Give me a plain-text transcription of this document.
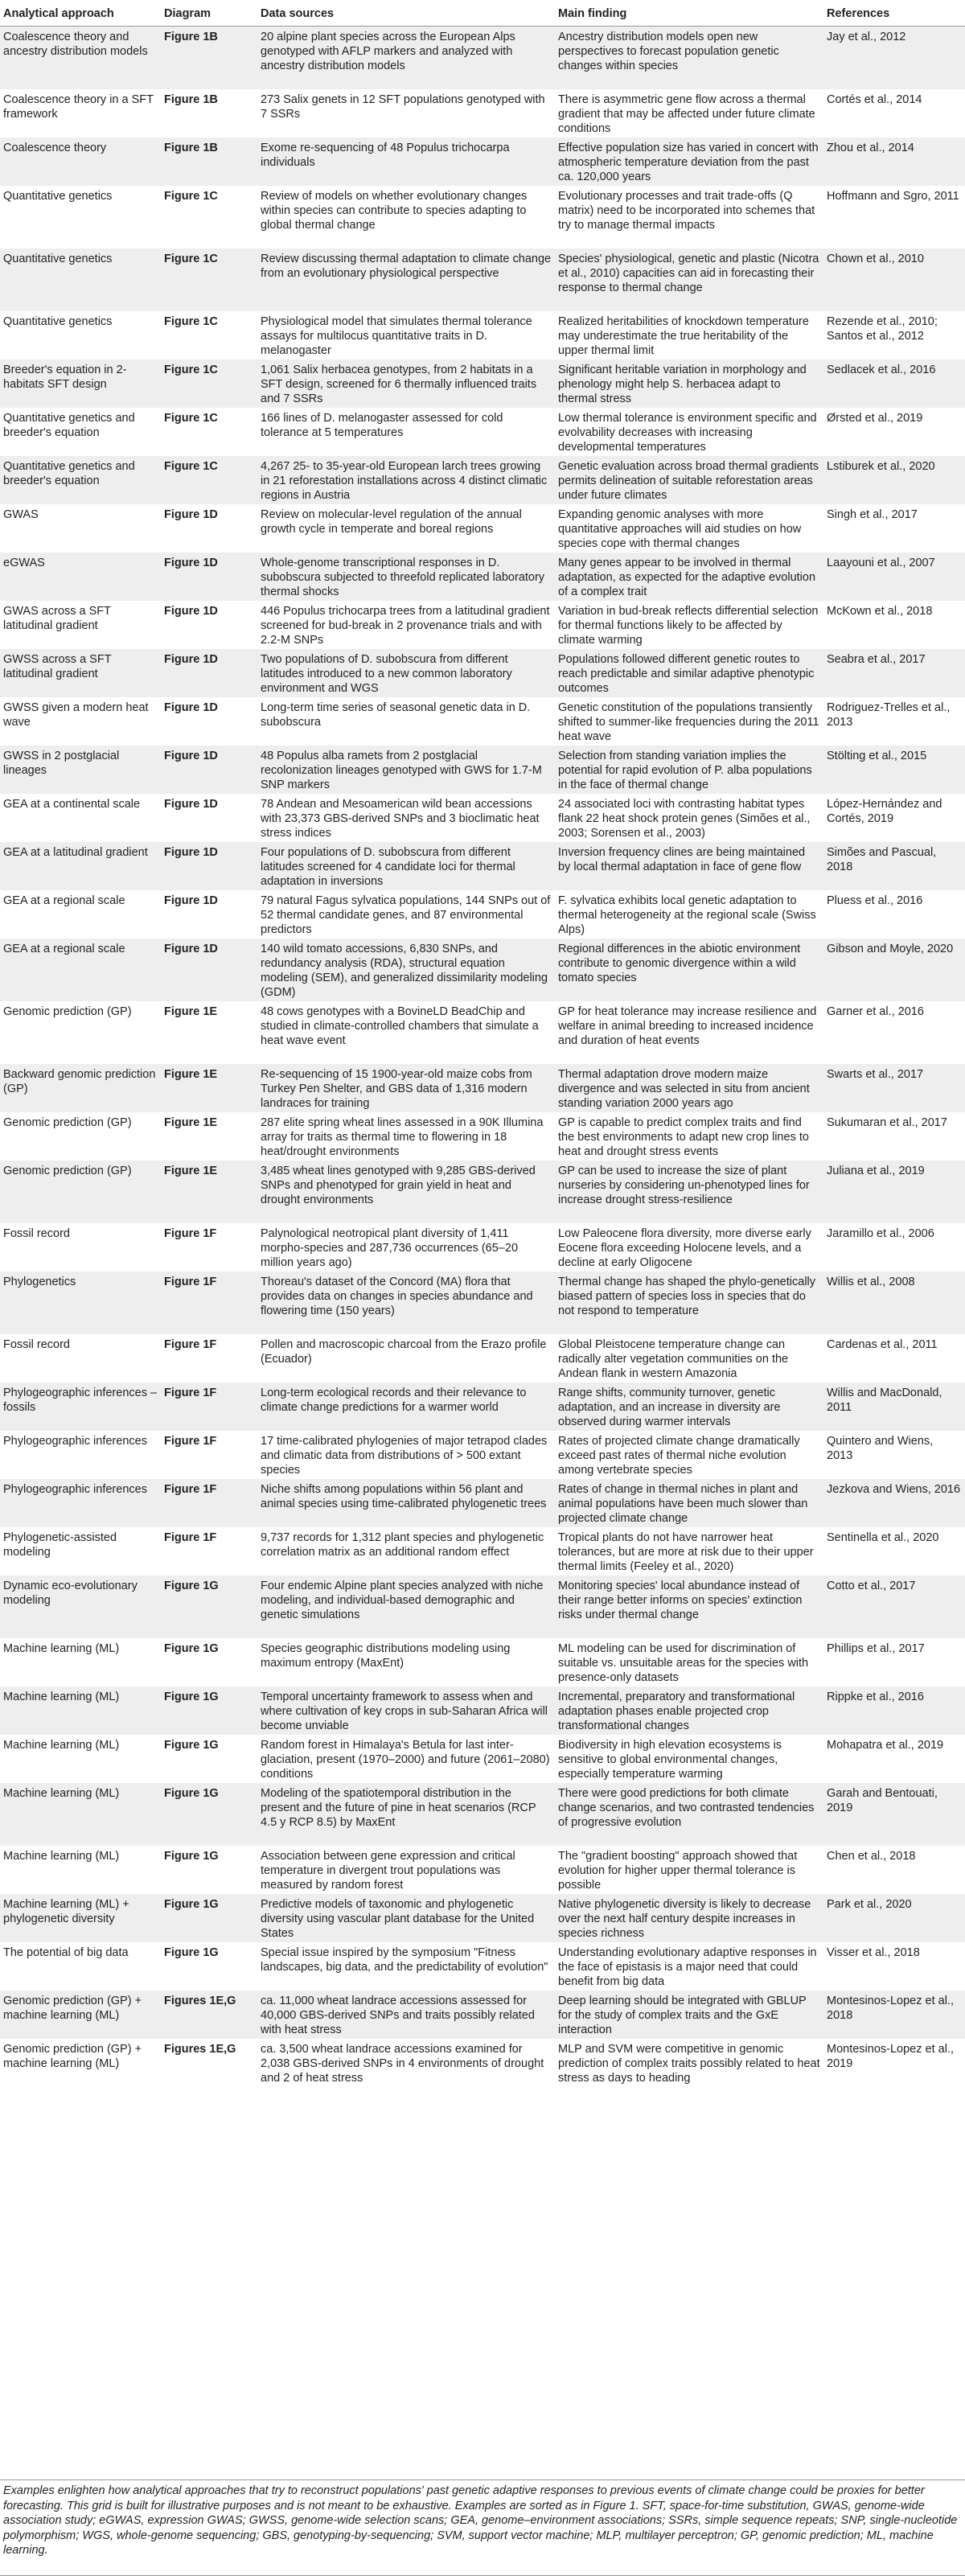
Analytical approach	Diagram	Data sources	Main finding	References
Coalescence theory and ancestry distribution models	Figure 1B	20 alpine plant species across the European Alps genotyped with AFLP markers and analyzed with ancestry distribution models	Ancestry distribution models open new perspectives to forecast population genetic changes within species	Jay et al., 2012
Coalescence theory in a SFT framework	Figure 1B	273 Salix genets in 12 SFT populations genotyped with 7 SSRs	There is asymmetric gene flow across a thermal gradient that may be affected under future climate conditions	Cortés et al., 2014
Coalescence theory	Figure 1B	Exome re-sequencing of 48 Populus trichocarpa individuals	Effective population size has varied in concert with atmospheric temperature deviation from the past ca. 120,000 years	Zhou et al., 2014
Quantitative genetics	Figure 1C	Review of models on whether evolutionary changes within species can contribute to species adapting to global thermal change	Evolutionary processes and trait trade-offs (Q matrix) need to be incorporated into schemes that try to manage thermal impacts	Hoffmann and Sgro, 2011
Quantitative genetics	Figure 1C	Review discussing thermal adaptation to climate change from an evolutionary physiological perspective	Species' physiological, genetic and plastic (Nicotra et al., 2010) capacities can aid in forecasting their response to thermal change	Chown et al., 2010
Quantitative genetics	Figure 1C	Physiological model that simulates thermal tolerance assays for multilocus quantitative traits in D. melanogaster	Realized heritabilities of knockdown temperature may underestimate the true heritability of the upper thermal limit	Rezende et al., 2010; Santos et al., 2012
Breeder's equation in 2-habitats SFT design	Figure 1C	1,061 Salix herbacea genotypes, from 2 habitats in a SFT design, screened for 6 thermally influenced traits and 7 SSRs	Significant heritable variation in morphology and phenology might help S. herbacea adapt to thermal stress	Sedlacek et al., 2016
Quantitative genetics and breeder's equation	Figure 1C	166 lines of D. melanogaster assessed for cold tolerance at 5 temperatures	Low thermal tolerance is environment specific and evolvability decreases with increasing developmental temperatures	Ørsted et al., 2019
Quantitative genetics and breeder's equation	Figure 1C	4,267 25- to 35-year-old European larch trees growing in 21 reforestation installations across 4 distinct climatic regions in Austria	Genetic evaluation across broad thermal gradients permits delineation of suitable reforestation areas under future climates	Lstiburek et al., 2020
GWAS	Figure 1D	Review on molecular-level regulation of the annual growth cycle in temperate and boreal regions	Expanding genomic analyses with more quantitative approaches will aid studies on how species cope with thermal changes	Singh et al., 2017
eGWAS	Figure 1D	Whole-genome transcriptional responses in D. subobscura subjected to threefold replicated laboratory thermal shocks	Many genes appear to be involved in thermal adaptation, as expected for the adaptive evolution of a complex trait	Laayouni et al., 2007
GWAS across a SFT latitudinal gradient	Figure 1D	446 Populus trichocarpa trees from a latitudinal gradient screened for bud-break in 2 provenance trials and with 2.2-M SNPs	Variation in bud-break reflects differential selection for thermal functions likely to be affected by climate warming	McKown et al., 2018
GWSS across a SFT latitudinal gradient	Figure 1D	Two populations of D. subobscura from different latitudes introduced to a new common laboratory environment and WGS	Populations followed different genetic routes to reach predictable and similar adaptive phenotypic outcomes	Seabra et al., 2017
GWSS given a modern heat wave	Figure 1D	Long-term time series of seasonal genetic data in D. subobscura	Genetic constitution of the populations transiently shifted to summer-like frequencies during the 2011 heat wave	Rodriguez-Trelles et al., 2013
GWSS in 2 postglacial lineages	Figure 1D	48 Populus alba ramets from 2 postglacial recolonization lineages genotyped with GWS for 1.7-M SNP markers	Selection from standing variation implies the potential for rapid evolution of P. alba populations in the face of thermal change	Stölting et al., 2015
GEA at a continental scale	Figure 1D	78 Andean and Mesoamerican wild bean accessions with 23,373 GBS-derived SNPs and 3 bioclimatic heat stress indices	24 associated loci with contrasting habitat types flank 22 heat shock protein genes (Simões et al., 2003; Sorensen et al., 2003)	López-Hernández and Cortés, 2019
GEA at a latitudinal gradient	Figure 1D	Four populations of D. subobscura from different latitudes screened for 4 candidate loci for thermal adaptation in inversions	Inversion frequency clines are being maintained by local thermal adaptation in face of gene flow	Simões and Pascual, 2018
GEA at a regional scale	Figure 1D	79 natural Fagus sylvatica populations, 144 SNPs out of 52 thermal candidate genes, and 87 environmental predictors	F. sylvatica exhibits local genetic adaptation to thermal heterogeneity at the regional scale (Swiss Alps)	Pluess et al., 2016
GEA at a regional scale	Figure 1D	140 wild tomato accessions, 6,830 SNPs, and redundancy analysis (RDA), structural equation modeling (SEM), and generalized dissimilarity modeling (GDM)	Regional differences in the abiotic environment contribute to genomic divergence within a wild tomato species	Gibson and Moyle, 2020
Genomic prediction (GP)	Figure 1E	48 cows genotypes with a BovineLD BeadChip and studied in climate-controlled chambers that simulate a heat wave event	GP for heat tolerance may increase resilience and welfare in animal breeding to increased incidence and duration of heat events	Garner et al., 2016
Backward genomic prediction (GP)	Figure 1E	Re-sequencing of 15 1900-year-old maize cobs from Turkey Pen Shelter, and GBS data of 1,316 modern landraces for training	Thermal adaptation drove modern maize divergence and was selected in situ from ancient standing variation 2000 years ago	Swarts et al., 2017
Genomic prediction (GP)	Figure 1E	287 elite spring wheat lines assessed in a 90K Illumina array for traits as thermal time to flowering in 18 heat/drought environments	GP is capable to predict complex traits and find the best environments to adapt new crop lines to heat and drought stress events	Sukumaran et al., 2017
Genomic prediction (GP)	Figure 1E	3,485 wheat lines genotyped with 9,285 GBS-derived SNPs and phenotyped for grain yield in heat and drought environments	GP can be used to increase the size of plant nurseries by considering un-phenotyped lines for increase drought stress-resilience	Juliana et al., 2019
Fossil record	Figure 1F	Palynological neotropical plant diversity of 1,411 morpho-species and 287,736 occurrences (65–20 million years ago)	Low Paleocene flora diversity, more diverse early Eocene flora exceeding Holocene levels, and a decline at early Oligocene	Jaramillo et al., 2006
Phylogenetics	Figure 1F	Thoreau's dataset of the Concord (MA) flora that provides data on changes in species abundance and flowering time (150 years)	Thermal change has shaped the phylo-genetically biased pattern of species loss in species that do not respond to temperature	Willis et al., 2008
Fossil record	Figure 1F	Pollen and macroscopic charcoal from the Erazo profile (Ecuador)	Global Pleistocene temperature change can radically alter vegetation communities on the Andean flank in western Amazonia	Cardenas et al., 2011
Phylogeographic inferences – fossils	Figure 1F	Long-term ecological records and their relevance to climate change predictions for a warmer world	Range shifts, community turnover, genetic adaptation, and an increase in diversity are observed during warmer intervals	Willis and MacDonald, 2011
Phylogeographic inferences	Figure 1F	17 time-calibrated phylogenies of major tetrapod clades and climatic data from distributions of > 500 extant species	Rates of projected climate change dramatically exceed past rates of thermal niche evolution among vertebrate species	Quintero and Wiens, 2013
Phylogeographic inferences	Figure 1F	Niche shifts among populations within 56 plant and animal species using time-calibrated phylogenetic trees	Rates of change in thermal niches in plant and animal populations have been much slower than projected climate change	Jezkova and Wiens, 2016
Phylogenetic-assisted modeling	Figure 1F	9,737 records for 1,312 plant species and phylogenetic correlation matrix as an additional random effect	Tropical plants do not have narrower heat tolerances, but are more at risk due to their upper thermal limits (Feeley et al., 2020)	Sentinella et al., 2020
Dynamic eco-evolutionary modeling	Figure 1G	Four endemic Alpine plant species analyzed with niche modeling, and individual-based demographic and genetic simulations	Monitoring species' local abundance instead of their range better informs on species' extinction risks under thermal change	Cotto et al., 2017
Machine learning (ML)	Figure 1G	Species geographic distributions modeling using maximum entropy (MaxEnt)	ML modeling can be used for discrimination of suitable vs. unsuitable areas for the species with presence-only datasets	Phillips et al., 2017
Machine learning (ML)	Figure 1G	Temporal uncertainty framework to assess when and where cultivation of key crops in sub-Saharan Africa will become unviable	Incremental, preparatory and transformational adaptation phases enable projected crop transformational changes	Rippke et al., 2016
Machine learning (ML)	Figure 1G	Random forest in Himalaya's Betula for last inter-glaciation, present (1970–2000) and future (2061–2080) conditions	Biodiversity in high elevation ecosystems is sensitive to global environmental changes, especially temperature warming	Mohapatra et al., 2019
Machine learning (ML)	Figure 1G	Modeling of the spatiotemporal distribution in the present and the future of pine in heat scenarios (RCP 4.5 y RCP 8.5) by MaxEnt	There were good predictions for both climate change scenarios, and two contrasted tendencies of progressive evolution	Garah and Bentouati, 2019
Machine learning (ML)	Figure 1G	Association between gene expression and critical temperature in divergent trout populations was measured by random forest	The "gradient boosting" approach showed that evolution for higher upper thermal tolerance is possible	Chen et al., 2018
Machine learning (ML) + phylogenetic diversity	Figure 1G	Predictive models of taxonomic and phylogenetic diversity using vascular plant database for the United States	Native phylogenetic diversity is likely to decrease over the next half century despite increases in species richness	Park et al., 2020
The potential of big data	Figure 1G	Special issue inspired by the symposium "Fitness landscapes, big data, and the predictability of evolution"	Understanding evolutionary adaptive responses in the face of epistasis is a major need that could benefit from big data	Visser et al., 2018
Genomic prediction (GP) + machine learning (ML)	Figures 1E,G	ca. 11,000 wheat landrace accessions assessed for 40,000 GBS-derived SNPs and traits possibly related with heat stress	Deep learning should be integrated with GBLUP for the study of complex traits and the GxE interaction	Montesinos-Lopez et al., 2018
Genomic prediction (GP) + machine learning (ML)	Figures 1E,G	ca. 3,500 wheat landrace accessions examined for 2,038 GBS-derived SNPs in 4 environments of drought and 2 of heat stress	MLP and SVM were competitive in genomic prediction of complex traits possibly related to heat stress as days to heading	Montesinos-Lopez et al., 2019
Examples enlighten how analytical approaches that try to reconstruct populations' past genetic adaptive responses to previous events of climate change could be proxies for better forecasting. This grid is built for illustrative purposes and is not meant to be exhaustive. Examples are sorted as in Figure 1. SFT, space-for-time substitution, GWAS, genome-wide association study; eGWAS, expression GWAS; GWSS, genome-wide selection scans; GEA, genome–environment associations; SSRs, simple sequence repeats; SNP, single-nucleotide polymorphism; WGS, whole-genome sequencing; GBS, genotyping-by-sequencing; SVM, support vector machine; MLP, multilayer perceptron; GP, genomic prediction; ML, machine learning.
